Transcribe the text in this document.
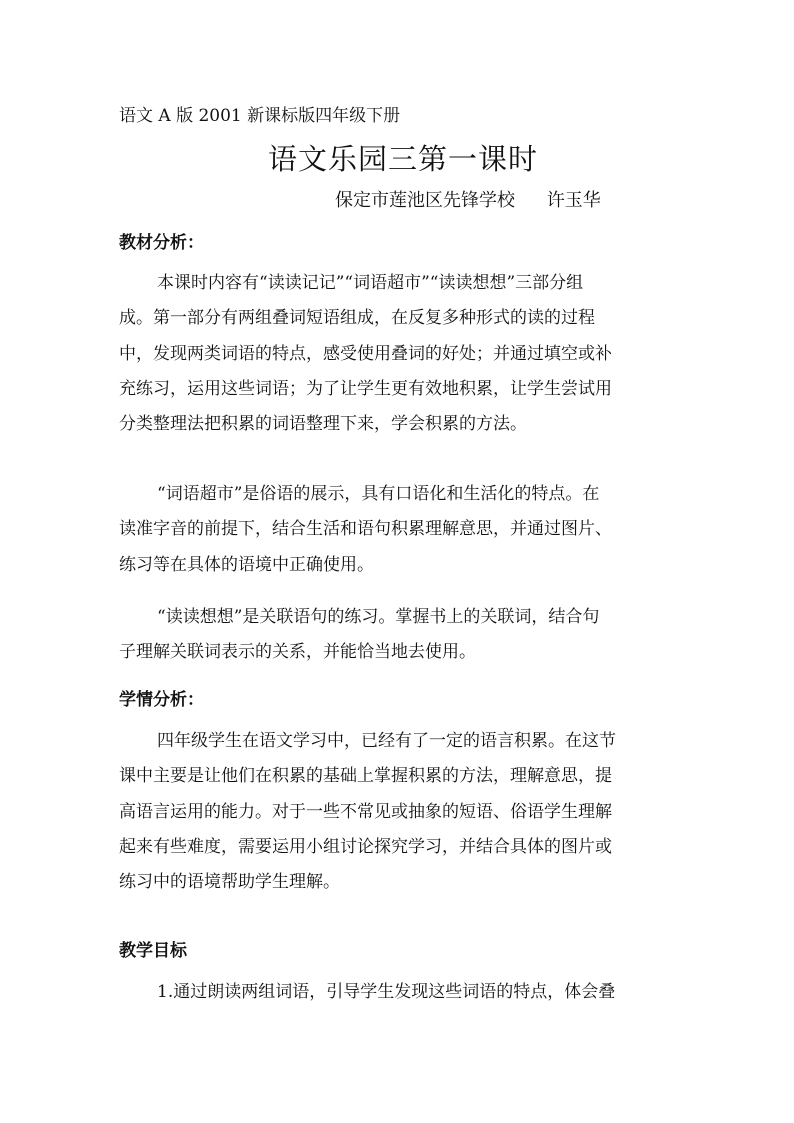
语文 A 版 2001 新课标版四年级下册
语文乐园三第一课时
保定市莲池区先锋学校 许玉华
教材分析：
本课时内容有“读读记记”“词语超市”“读读想想”三部分组
成。第一部分有两组叠词短语组成，在反复多种形式的读的过程
中，发现两类词语的特点，感受使用叠词的好处；并通过填空或补
充练习，运用这些词语；为了让学生更有效地积累，让学生尝试用
分类整理法把积累的词语整理下来，学会积累的方法。
“词语超市”是俗语的展示，具有口语化和生活化的特点。在
读准字音的前提下，结合生活和语句积累理解意思，并通过图片、
练习等在具体的语境中正确使用。
“读读想想”是关联语句的练习。掌握书上的关联词，结合句
子理解关联词表示的关系，并能恰当地去使用。
学情分析：
四年级学生在语文学习中，已经有了一定的语言积累。在这节
课中主要是让他们在积累的基础上掌握积累的方法，理解意思，提
高语言运用的能力。对于一些不常见或抽象的短语、俗语学生理解
起来有些难度，需要运用小组讨论探究学习，并结合具体的图片或
练习中的语境帮助学生理解。
教学目标
1.通过朗读两组词语，引导学生发现这些词语的特点，体会叠
